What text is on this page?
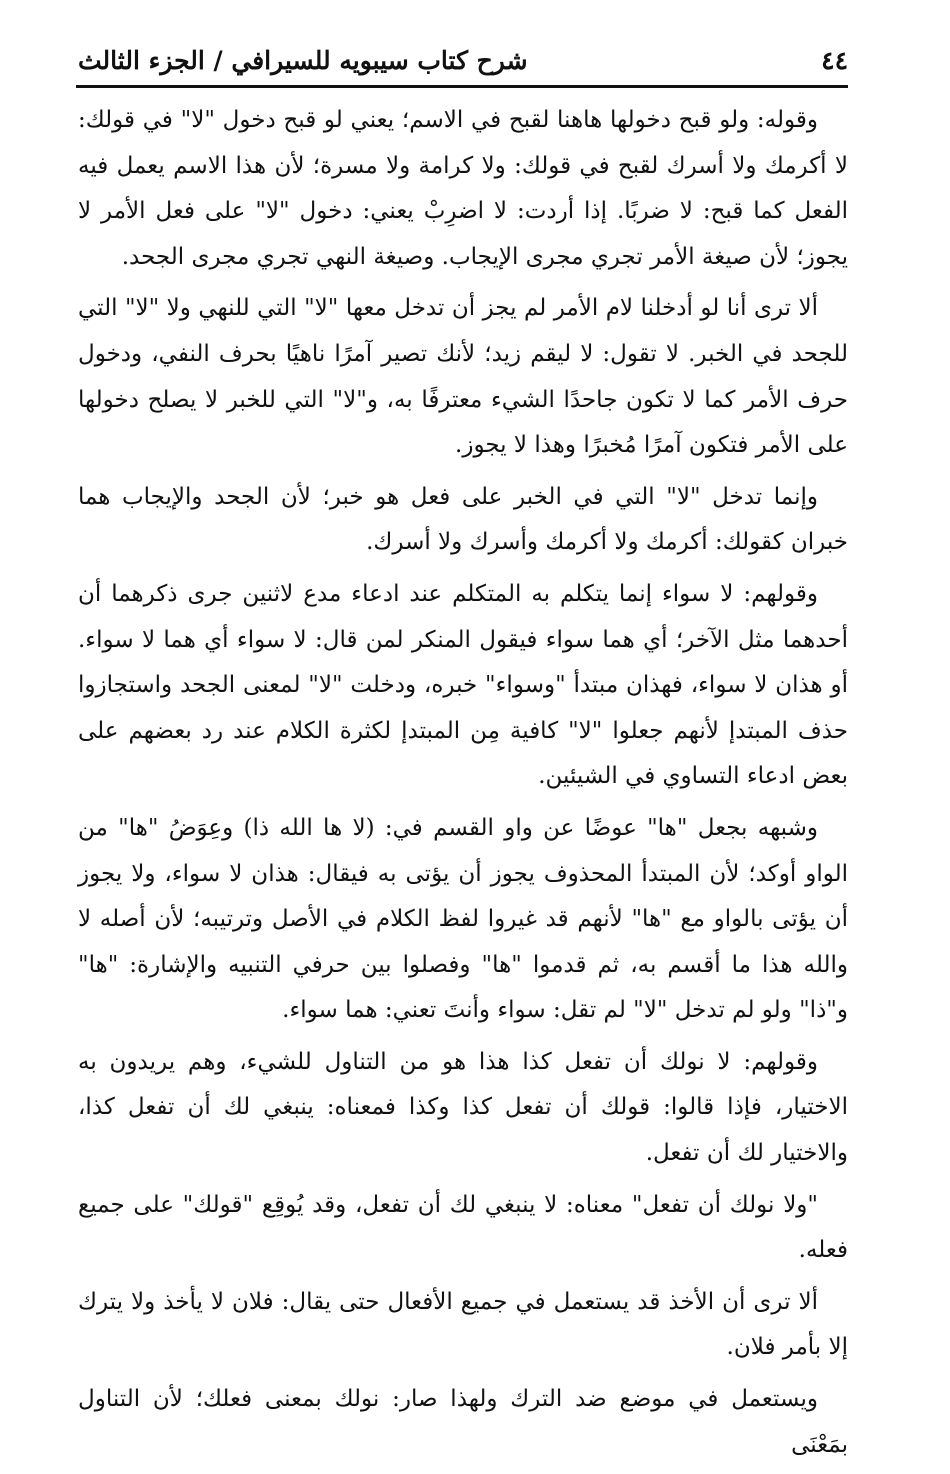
٤٤
شرح كتاب سيبويه للسيرافي / الجزء الثالث

وقوله: ولو قبح دخولها هاهنا لقبح في الاسم؛ يعني لو قبح دخول "لا" في قولك: لا أكرمك ولا أسرك لقبح في قولك: ولا كرامة ولا مسرة؛ لأن هذا الاسم يعمل فيه الفعل كما قبح: لا ضربًا. إذا أردت: لا اضرِبْ يعني: دخول "لا" على فعل الأمر لا يجوز؛ لأن صيغة الأمر تجري مجرى الإيجاب. وصيغة النهي تجري مجرى الجحد.

ألا ترى أنا لو أدخلنا لام الأمر لم يجز أن تدخل معها "لا" التي للنهي ولا "لا" التي للجحد في الخبر. لا تقول: لا ليقم زيد؛ لأنك تصير آمرًا ناهيًا بحرف النفي، ودخول حرف الأمر كما لا تكون جاحدًا الشيء معترفًا به، و"لا" التي للخبر لا يصلح دخولها على الأمر فتكون آمرًا مُخبرًا وهذا لا يجوز.

وإنما تدخل "لا" التي في الخبر على فعل هو خبر؛ لأن الجحد والإيجاب هما خبران كقولك: أكرمك ولا أكرمك وأسرك ولا أسرك.

وقولهم: لا سواء إنما يتكلم به المتكلم عند ادعاء مدع لاثنين جرى ذكرهما أن أحدهما مثل الآخر؛ أي هما سواء فيقول المنكر لمن قال: لا سواء أي هما لا سواء. أو هذان لا سواء، فهذان مبتدأ "وسواء" خبره، ودخلت "لا" لمعنى الجحد واستجازوا حذف المبتدإ لأنهم جعلوا "لا" كافية مِن المبتدإ لكثرة الكلام عند رد بعضهم على بعض ادعاء التساوي في الشيئين.

وشبهه بجعل "ها" عوضًا عن واو القسم في: (لا ها الله ذا) وعِوَضُ "ها" من الواو أوكد؛ لأن المبتدأ المحذوف يجوز أن يؤتى به فيقال: هذان لا سواء، ولا يجوز أن يؤتى بالواو مع "ها" لأنهم قد غيروا لفظ الكلام في الأصل وترتيبه؛ لأن أصله لا والله هذا ما أقسم به، ثم قدموا "ها" وفصلوا بين حرفي التنبيه والإشارة: "ها" و"ذا" ولو لم تدخل "لا" لم تقل: سواء وأنتَ تعني: هما سواء.

وقولهم: لا نولك أن تفعل كذا هذا هو من التناول للشيء، وهم يريدون به الاختيار، فإذا قالوا: قولك أن تفعل كذا وكذا فمعناه: ينبغي لك أن تفعل كذا، والاختيار لك أن تفعل.

"ولا نولك أن تفعل" معناه: لا ينبغي لك أن تفعل، وقد يُوقِع "قولك" على جميع فعله.

ألا ترى أن الأخذ قد يستعمل في جميع الأفعال حتى يقال: فلان لا يأخذ ولا يترك إلا بأمر فلان.

ويستعمل في موضع ضد الترك ولهذا صار: نولك بمعنى فعلك؛ لأن التناول بمَعْنَى
